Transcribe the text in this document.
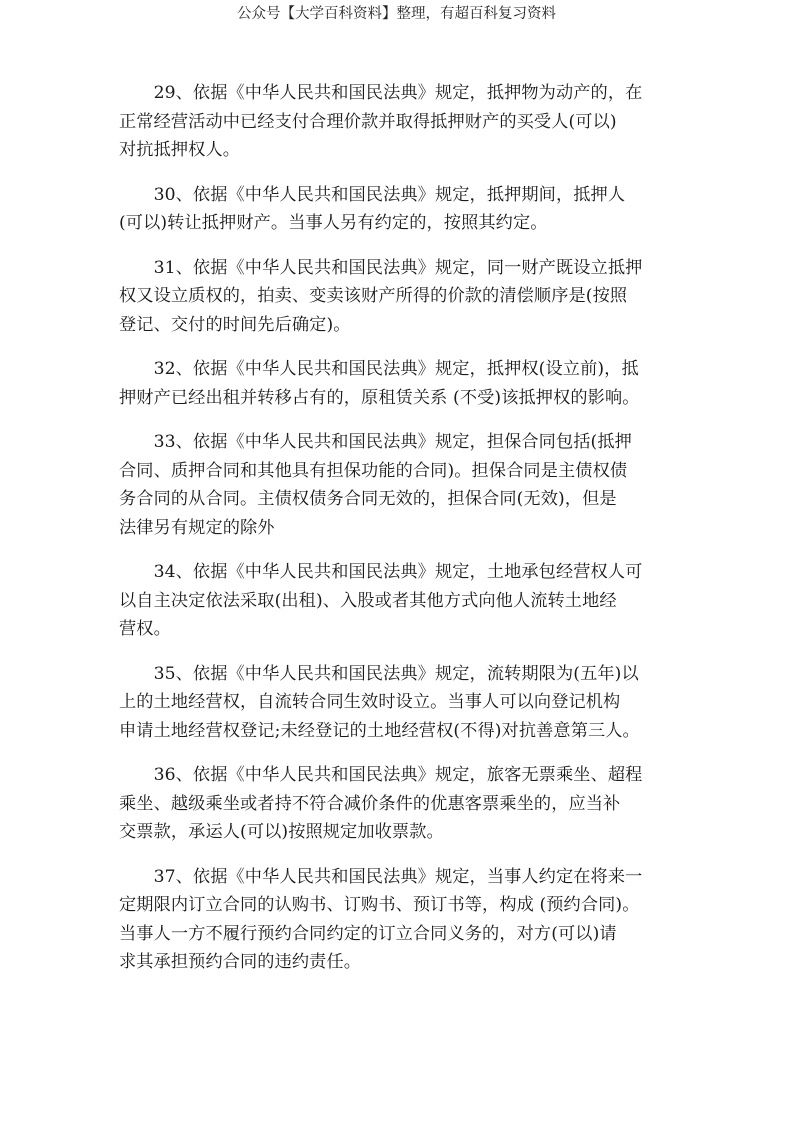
公众号【大学百科资料】整理，有超百科复习资料

　　29、依据《中华人民共和国民法典》规定，抵押物为动产的，在
正常经营活动中已经支付合理价款并取得抵押财产的买受人(可以)
对抗抵押权人。

　　30、依据《中华人民共和国民法典》规定，抵押期间，抵押人
(可以)转让抵押财产。当事人另有约定的，按照其约定。

　　31、依据《中华人民共和国民法典》规定，同一财产既设立抵押
权又设立质权的，拍卖、变卖该财产所得的价款的清偿顺序是(按照
登记、交付的时间先后确定)。

　　32、依据《中华人民共和国民法典》规定，抵押权(设立前)，抵
押财产已经出租并转移占有的，原租赁关系 (不受)该抵押权的影响。

　　33、依据《中华人民共和国民法典》规定，担保合同包括(抵押
合同、质押合同和其他具有担保功能的合同)。担保合同是主债权债
务合同的从合同。主债权债务合同无效的，担保合同(无效)，但是
法律另有规定的除外

　　34、依据《中华人民共和国民法典》规定，土地承包经营权人可
以自主决定依法采取(出租)、入股或者其他方式向他人流转土地经
营权。

　　35、依据《中华人民共和国民法典》规定，流转期限为(五年)以
上的土地经营权，自流转合同生效时设立。当事人可以向登记机构
申请土地经营权登记;未经登记的土地经营权(不得)对抗善意第三人。

　　36、依据《中华人民共和国民法典》规定，旅客无票乘坐、超程
乘坐、越级乘坐或者持不符合减价条件的优惠客票乘坐的，应当补
交票款，承运人(可以)按照规定加收票款。

　　37、依据《中华人民共和国民法典》规定，当事人约定在将来一
定期限内订立合同的认购书、订购书、预订书等，构成 (预约合同)。
当事人一方不履行预约合同约定的订立合同义务的，对方(可以)请
求其承担预约合同的违约责任。
